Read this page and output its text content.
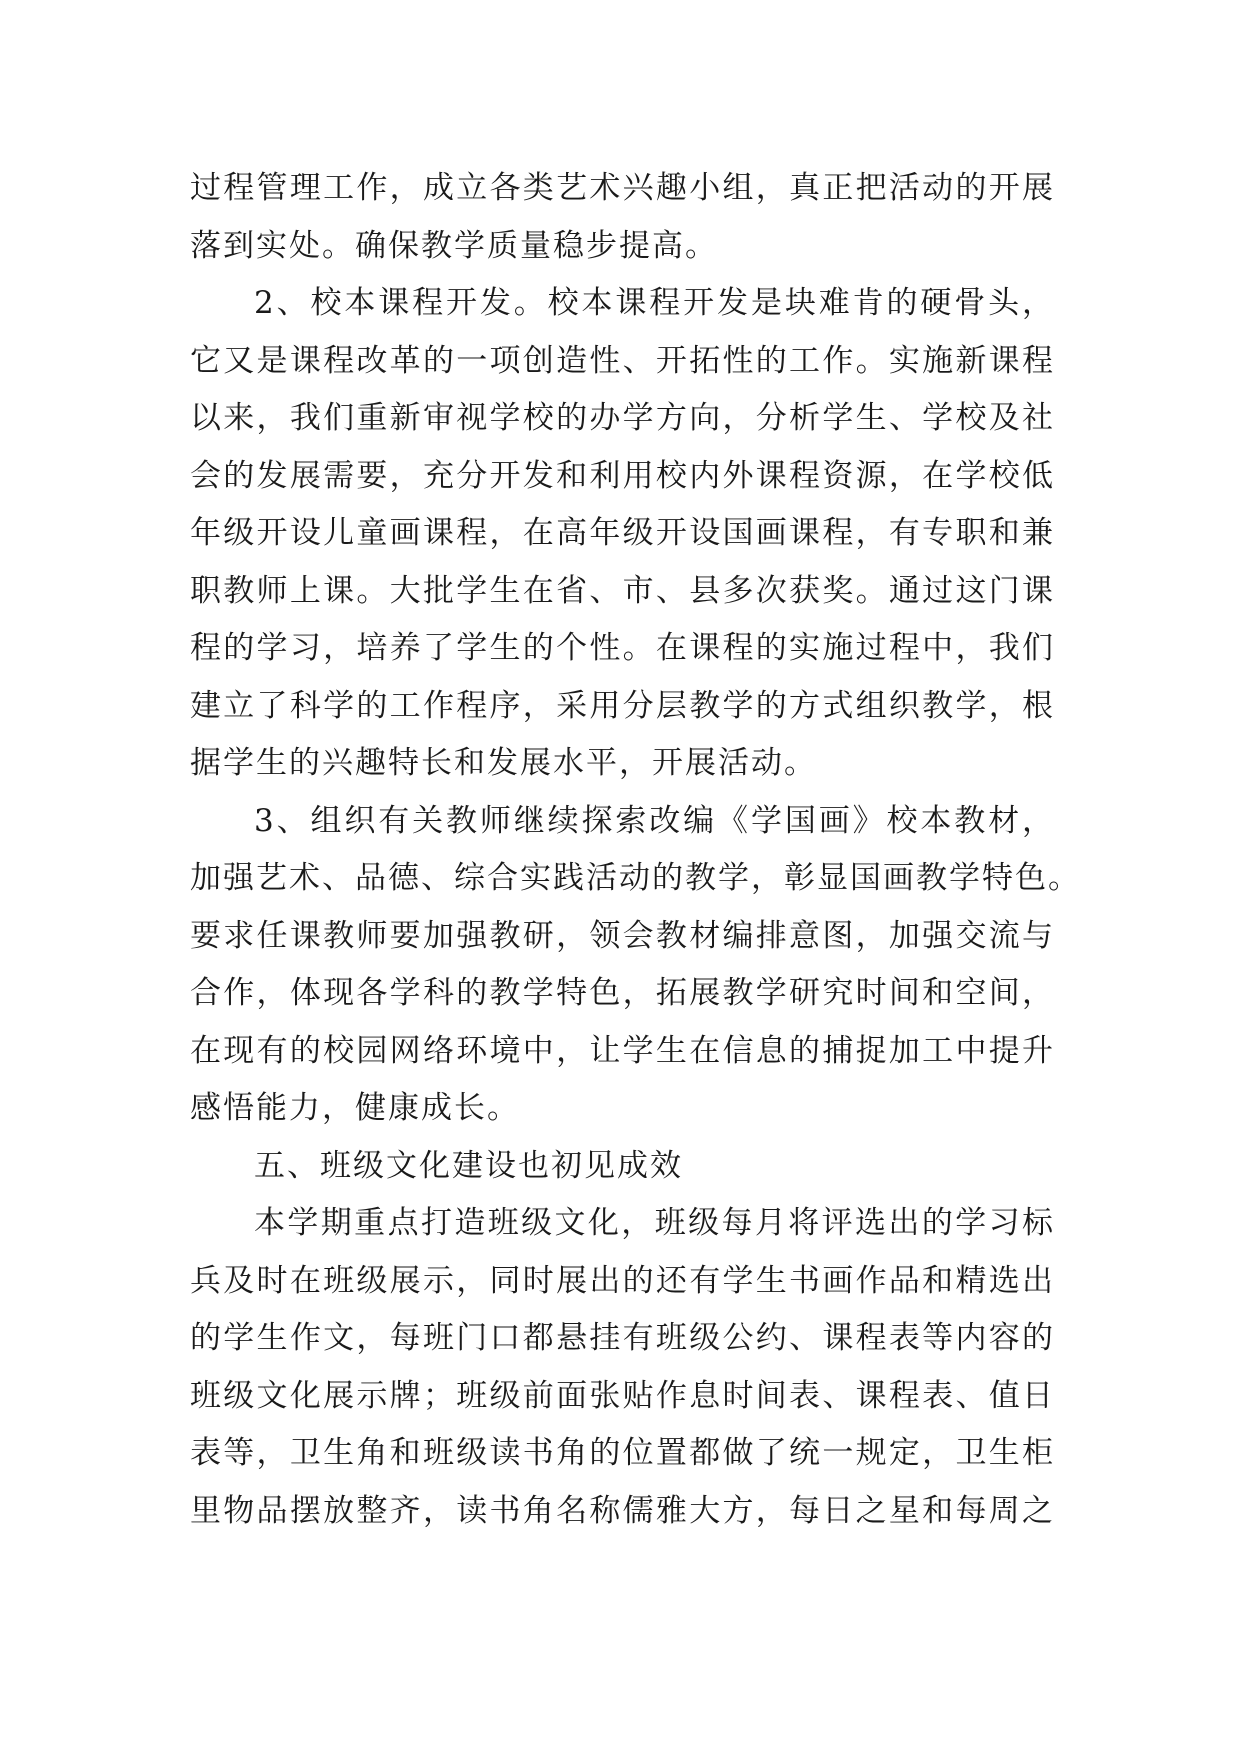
过程管理工作，成立各类艺术兴趣小组，真正把活动的开展
落到实处。确保教学质量稳步提高。
2、校本课程开发。校本课程开发是块难肯的硬骨头，
它又是课程改革的一项创造性、开拓性的工作。实施新课程
以来，我们重新审视学校的办学方向，分析学生、学校及社
会的发展需要，充分开发和利用校内外课程资源，在学校低
年级开设儿童画课程，在高年级开设国画课程，有专职和兼
职教师上课。大批学生在省、市、县多次获奖。通过这门课
程的学习，培养了学生的个性。在课程的实施过程中，我们
建立了科学的工作程序，采用分层教学的方式组织教学，根
据学生的兴趣特长和发展水平，开展活动。
3、组织有关教师继续探索改编《学国画》校本教材，
加强艺术、品德、综合实践活动的教学，彰显国画教学特色。
要求任课教师要加强教研，领会教材编排意图，加强交流与
合作，体现各学科的教学特色，拓展教学研究时间和空间，
在现有的校园网络环境中，让学生在信息的捕捉加工中提升
感悟能力，健康成长。
五、班级文化建设也初见成效
本学期重点打造班级文化，班级每月将评选出的学习标
兵及时在班级展示，同时展出的还有学生书画作品和精选出
的学生作文，每班门口都悬挂有班级公约、课程表等内容的
班级文化展示牌；班级前面张贴作息时间表、课程表、值日
表等，卫生角和班级读书角的位置都做了统一规定，卫生柜
里物品摆放整齐，读书角名称儒雅大方，每日之星和每周之
